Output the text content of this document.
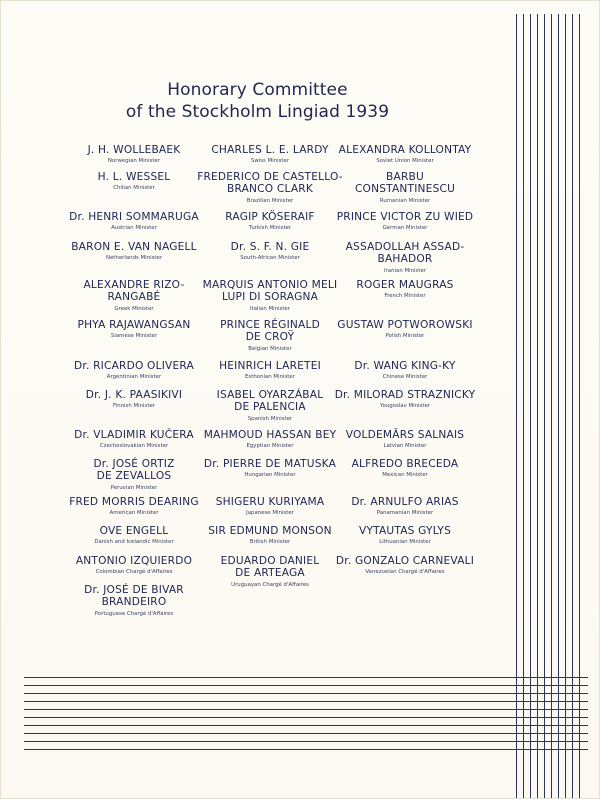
Honorary Committee
of the Stockholm Lingiad 1939
J. H. WOLLEBAEK
Norwegian Minister
H. L. WESSEL
Chilian Minister
Dr. HENRI SOMMARUGA
Austrian Minister
BARON E. VAN NAGELL
Netherlands Minister
ALEXANDRE RIZO-
RANGABÉ
Greek Minister
PHYA RAJAWANGSAN
Siamese Minister
Dr. RICARDO OLIVERA
Argentinian Minister
Dr. J. K. PAASIKIVI
Finnish Minister
Dr. VLADIMIR KUČERA
Czechoslovakian Minister
Dr. JOSÉ ORTIZ
DE ZEVALLOS
Peruvian Minister
FRED MORRIS DEARING
American Minister
OVE ENGELL
Danish and Icelandic Minister
ANTONIO IZQUIERDO
Colombian Chargé d'Affaires
Dr. JOSÉ DE BIVAR
BRANDEIRO
Portuguese Chargé d'Affaires
CHARLES L. E. LARDY
Swiss Minister
FREDERICO DE CASTELLO-
BRANCO CLARK
Brazilian Minister
RAGIP KÖSERAIF
Turkish Minister
Dr. S. F. N. GIE
South-African Minister
MARQUIS ANTONIO MELI
LUPI DI SORAGNA
Italian Minister
PRINCE RÉGINALD
DE CROŸ
Belgian Minister
HEINRICH LARETEI
Esthonian Minister
ISABEL OYARZÁBAL
DE PALENCIA
Spanish Minister
MAHMOUD HASSAN BEY
Egyptian Minister
Dr. PIERRE DE MATUSKA
Hungarian Minister
SHIGERU KURIYAMA
Japanese Minister
SIR EDMUND MONSON
British Minister
EDUARDO DANIEL
DE ARTEAGA
Uruguayan Chargé d'Affaires
ALEXANDRA KOLLONTAY
Soviet Union Minister
BARBU
CONSTANTINESCU
Rumanian Minister
PRINCE VICTOR ZU WIED
German Minister
ASSADOLLAH ASSAD-
BAHADOR
Iranian Minister
ROGER MAUGRAS
French Minister
GUSTAW POTWOROWSKI
Polish Minister
Dr. WANG KING-KY
Chinese Minister
Dr. MILORAD STRAZNICKY
Yougoslav Minister
VOLDEMĀRS SALNAIS
Latvian Minister
ALFREDO BRECEDA
Mexican Minister
Dr. ARNULFO ARIAS
Panamanian Minister
VYTAUTAS GYLYS
Lithuanian Minister
Dr. GONZALO CARNEVALI
Venezuelan Chargé d'Affaires
